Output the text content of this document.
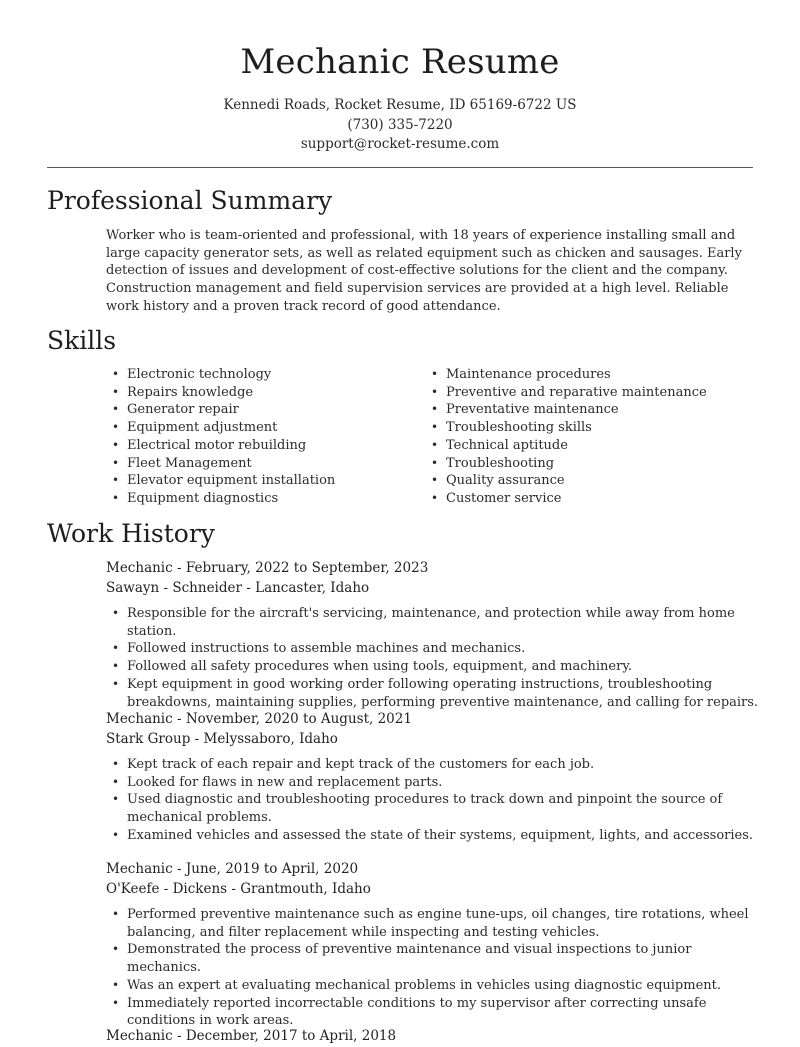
Mechanic Resume
Kennedi Roads, Rocket Resume, ID 65169-6722 US
(730) 335-7220
support@rocket-resume.com
Professional Summary
Worker who is team-oriented and professional, with 18 years of experience installing small and large capacity generator sets, as well as related equipment such as chicken and sausages. Early detection of issues and development of cost-effective solutions for the client and the company. Construction management and field supervision services are provided at a high level. Reliable work history and a proven track record of good attendance.
Skills
• Electronic technology
• Repairs knowledge
• Generator repair
• Equipment adjustment
• Electrical motor rebuilding
• Fleet Management
• Elevator equipment installation
• Equipment diagnostics
• Maintenance procedures
• Preventive and reparative maintenance
• Preventative maintenance
• Troubleshooting skills
• Technical aptitude
• Troubleshooting
• Quality assurance
• Customer service
Work History
Mechanic - February, 2022 to September, 2023
Sawayn - Schneider - Lancaster, Idaho
• Responsible for the aircraft's servicing, maintenance, and protection while away from home station.
• Followed instructions to assemble machines and mechanics.
• Followed all safety procedures when using tools, equipment, and machinery.
• Kept equipment in good working order following operating instructions, troubleshooting breakdowns, maintaining supplies, performing preventive maintenance, and calling for repairs.
Mechanic - November, 2020 to August, 2021
Stark Group - Melyssaboro, Idaho
• Kept track of each repair and kept track of the customers for each job.
• Looked for flaws in new and replacement parts.
• Used diagnostic and troubleshooting procedures to track down and pinpoint the source of mechanical problems.
• Examined vehicles and assessed the state of their systems, equipment, lights, and accessories.
Mechanic - June, 2019 to April, 2020
O'Keefe - Dickens - Grantmouth, Idaho
• Performed preventive maintenance such as engine tune-ups, oil changes, tire rotations, wheel balancing, and filter replacement while inspecting and testing vehicles.
• Demonstrated the process of preventive maintenance and visual inspections to junior mechanics.
• Was an expert at evaluating mechanical problems in vehicles using diagnostic equipment.
• Immediately reported incorrectable conditions to my supervisor after correcting unsafe conditions in work areas.
Mechanic - December, 2017 to April, 2018
